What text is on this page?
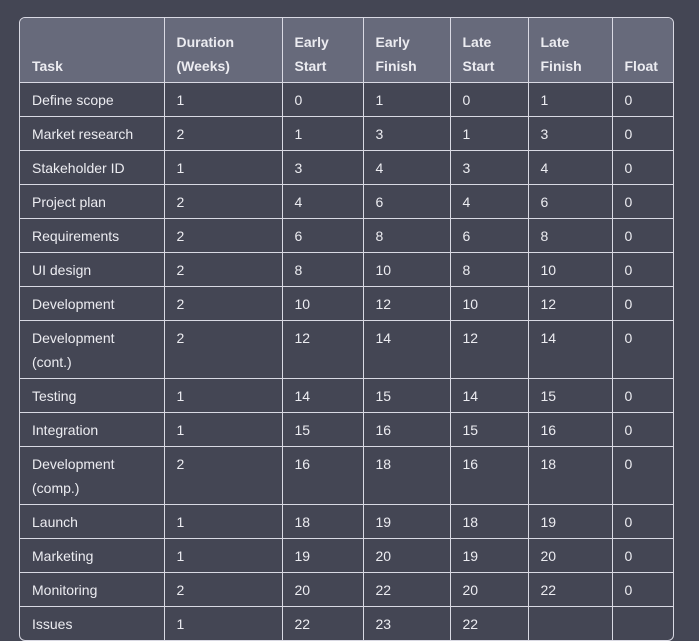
Task	Duration (Weeks)	Early Start	Early Finish	Late Start	Late Finish	Float
Define scope	1	0	1	0	1	0
Market research	2	1	3	1	3	0
Stakeholder ID	1	3	4	3	4	0
Project plan	2	4	6	4	6	0
Requirements	2	6	8	6	8	0
UI design	2	8	10	8	10	0
Development	2	10	12	10	12	0
Development (cont.)	2	12	14	12	14	0
Testing	1	14	15	14	15	0
Integration	1	15	16	15	16	0
Development (comp.)	2	16	18	16	18	0
Launch	1	18	19	18	19	0
Marketing	1	19	20	19	20	0
Monitoring	2	20	22	20	22	0
Issues	1	22	23	22		
